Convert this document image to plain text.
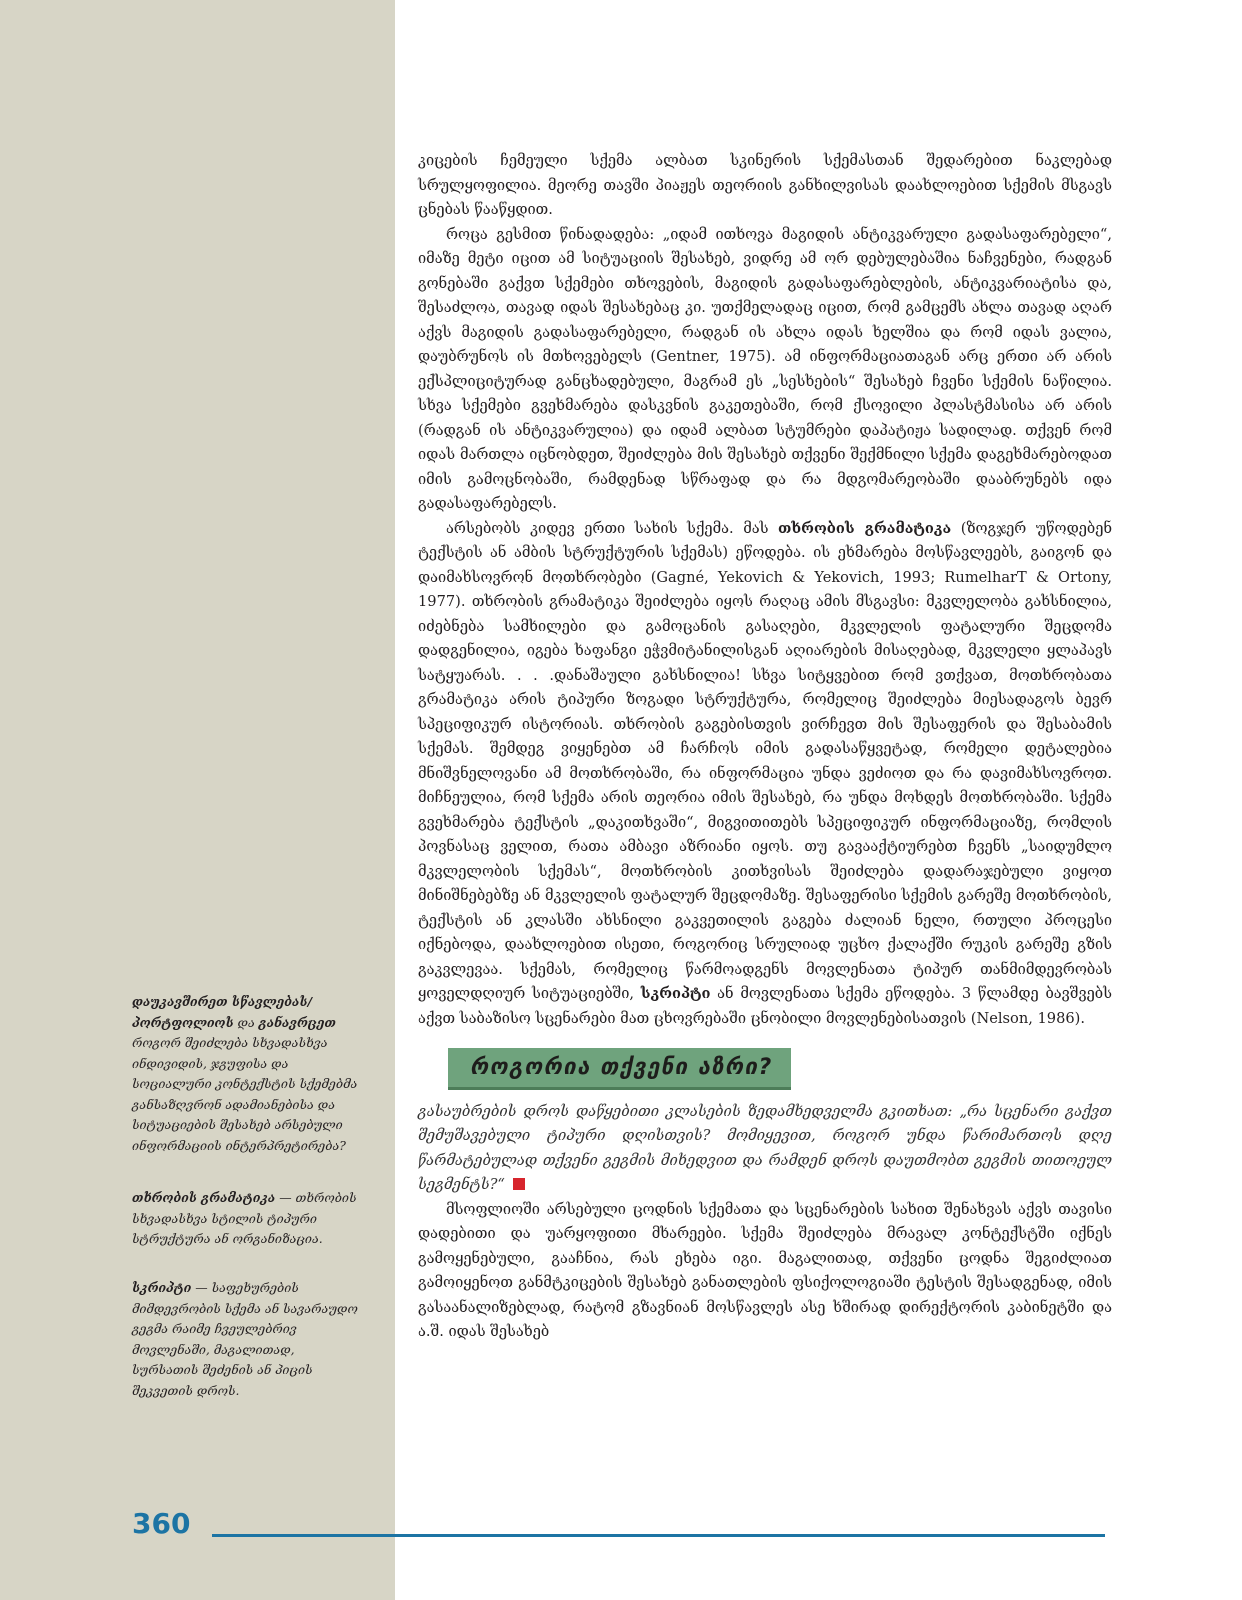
დაუკავშირეთ სწავლებას/ პორტფოლიოს და განავრცეთ როგორ შეიძლება სხვადასხვა ინდივიდის, ჯგუფისა და სოციალური კონტექსტის სქემებმა განსაზღვრონ ადამიანებისა და სიტუაციების შესახებ არსებული ინფორმაციის ინტერპრეტირება?
თხრობის გრამატიკა — თხრობის სხვადასხვა სტილის ტიპური სტრუქტურა ან ორგანიზაცია.
სკრიპტი — საფეხურების მიმდევრობის სქემა ან სავარაუდო გეგმა რაიმე ჩვეულებრივ მოვლენაში, მაგალითად, სურსათის შეძენის ან პიცის შეკვეთის დროს.

კიცების ჩემეული სქემა ალბათ სკინერის სქემასთან შედარებით ნაკლებად სრულყოფილია. მეორე თავში პიაჟეს თეორიის განხილვისას დაახლოებით სქემის მსგავს ცნებას წააწყდით.

როცა გესმით წინადადება: „იდამ ითხოვა მაგიდის ანტიკვარული გადასაფარებელი“, იმაზე მეტი იცით ამ სიტუაციის შესახებ, ვიდრე ამ ორ დებულებაშია ნაჩვენები, რადგან გონებაში გაქვთ სქემები თხოვების, მაგიდის გადასაფარებლების, ანტიკვარიატისა და, შესაძლოა, თავად იდას შესახებაც კი. უთქმელადაც იცით, რომ გამცემს ახლა თავად აღარ აქვს მაგიდის გადასაფარებელი, რადგან ის ახლა იდას ხელშია და რომ იდას ვალია, დაუბრუნოს ის მთხოვებელს (Gentner, 1975). ამ ინფორმაციათაგან არც ერთი არ არის ექსპლიციტურად განცხადებული, მაგრამ ეს „სესხების“ შესახებ ჩვენი სქემის ნაწილია. სხვა სქემები გვეხმარება დასკვნის გაკეთებაში, რომ ქსოვილი პლასტმასისა არ არის (რადგან ის ანტიკვარულია) და იდამ ალბათ სტუმრები დაპატიჟა სადილად. თქვენ რომ იდას მართლა იცნობდეთ, შეიძლება მის შესახებ თქვენი შექმნილი სქემა დაგეხმარებოდათ იმის გამოცნობაში, რამდენად სწრაფად და რა მდგომარეობაში დააბრუნებს იდა გადასაფარებელს.

არსებობს კიდევ ერთი სახის სქემა. მას თხრობის გრამატიკა (ზოგჯერ უწოდებენ ტექსტის ან ამბის სტრუქტურის სქემას) ეწოდება. ის ეხმარება მოსწავლეებს, გაიგონ და დაიმახსოვრონ მოთხრობები (Gagné, Yekovich & Yekovich, 1993; RumelharT & Ortony, 1977). თხრობის გრამატიკა შეიძლება იყოს რაღაც ამის მსგავსი: მკვლელობა გახსნილია, იძებნება სამხილები და გამოცანის გასაღები, მკვლელის ფატალური შეცდომა დადგენილია, იგება ხაფანგი ეჭვმიტანილისგან აღიარების მისაღებად, მკვლელი ყლაპავს სატყუარას. . . .დანაშაული გახსნილია! სხვა სიტყვებით რომ ვთქვათ, მოთხრობათა გრამატიკა არის ტიპური ზოგადი სტრუქტურა, რომელიც შეიძლება მიესადაგოს ბევრ სპეციფიკურ ისტორიას. თხრობის გაგებისთვის ვირჩევთ მის შესაფერის და შესაბამის სქემას. შემდეგ ვიყენებთ ამ ჩარჩოს იმის გადასაწყვეტად, რომელი დეტალებია მნიშვნელოვანი ამ მოთხრობაში, რა ინფორმაცია უნდა ვეძიოთ და რა დავიმახსოვროთ. მიჩნეულია, რომ სქემა არის თეორია იმის შესახებ, რა უნდა მოხდეს მოთხრობაში. სქემა გვეხმარება ტექსტის „დაკითხვაში“, მიგვითითებს სპეციფიკურ ინფორმაციაზე, რომლის პოვნასაც ველით, რათა ამბავი აზრიანი იყოს. თუ გავააქტიურებთ ჩვენს „საიდუმლო მკვლელობის სქემას“, მოთხრობის კითხვისას შეიძლება დადარაჯებული ვიყოთ მინიშნებებზე ან მკვლელის ფატალურ შეცდომაზე. შესაფერისი სქემის გარეშე მოთხრობის, ტექსტის ან კლასში ახსნილი გაკვეთილის გაგება ძალიან ნელი, რთული პროცესი იქნებოდა, დაახლოებით ისეთი, როგორიც სრულიად უცხო ქალაქში რუკის გარეშე გზის გაკვლევაა. სქემას, რომელიც წარმოადგენს მოვლენათა ტიპურ თანმიმდევრობას ყოველდღიურ სიტუაციებში, სკრიპტი ან მოვლენათა სქემა ეწოდება. 3 წლამდე ბავშვებს აქვთ საბაზისო სცენარები მათ ცხოვრებაში ცნობილი მოვლენებისათვის (Nelson, 1986).

როგორია თქვენი აზრი?

გასაუბრების დროს დაწყებითი კლასების ზედამხედველმა გკითხათ: „რა სცენარი გაქვთ შემუშავებული ტიპური დღისთვის? მომიყევით, როგორ უნდა წარიმართოს დღე წარმატებულად თქვენი გეგმის მიხედვით და რამდენ დროს დაუთმობთ გეგმის თითოეულ სეგმენტს?“

მსოფლიოში არსებული ცოდნის სქემათა და სცენარების სახით შენახვას აქვს თავისი დადებითი და უარყოფითი მხარეები. სქემა შეიძლება მრავალ კონტექსტში იქნეს გამოყენებული, გააჩნია, რას ეხება იგი. მაგალითად, თქვენი ცოდნა შეგიძლიათ გამოიყენოთ განმტკიცების შესახებ განათლების ფსიქოლოგიაში ტესტის შესადგენად, იმის გასაანალიზებლად, რატომ გზავნიან მოსწავლეს ასე ხშირად დირექტორის კაბინეტში და ა.შ. იდას შესახებ

360
